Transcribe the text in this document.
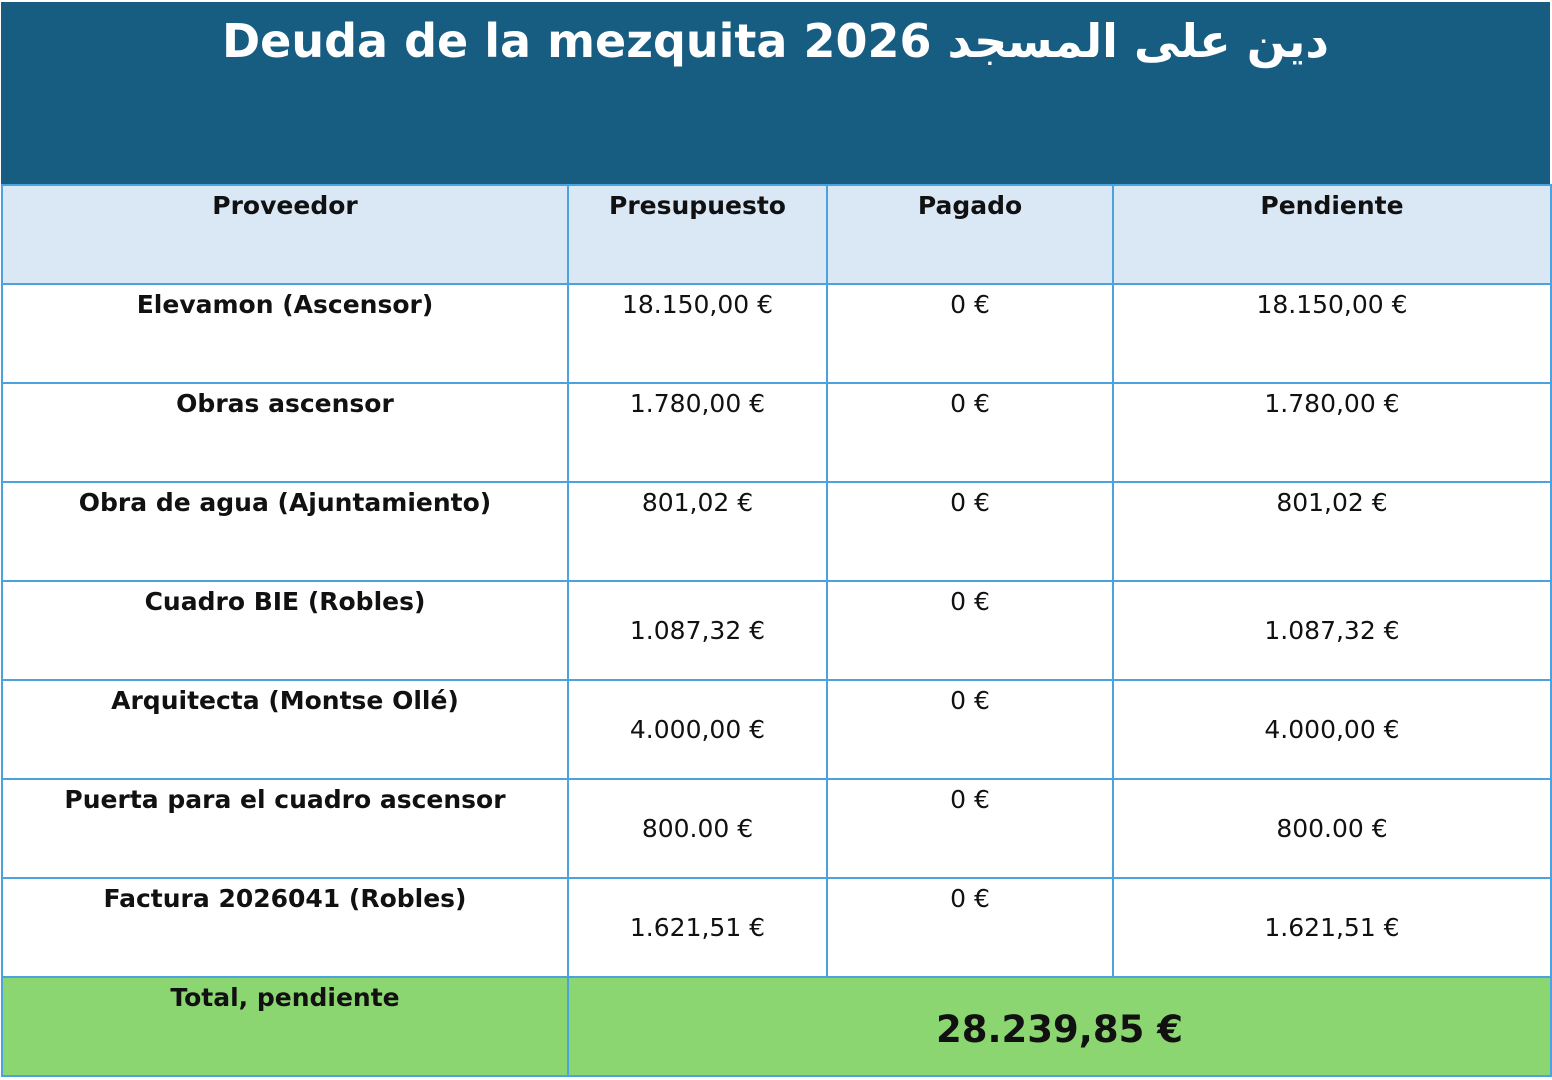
Deuda de la mezquita 2026 دين على المسجد
Proveedor	Presupuesto	Pagado	Pendiente
Elevamon (Ascensor)	18.150,00 €	0 €	18.150,00 €
Obras ascensor	1.780,00 €	0 €	1.780,00 €
Obra de agua (Ajuntamiento)	801,02 €	0 €	801,02 €
Cuadro BIE (Robles)	1.087,32 €	0 €	1.087,32 €
Arquitecta (Montse Ollé)	4.000,00 €	0 €	4.000,00 €
Puerta para el cuadro ascensor	800.00 €	0 €	800.00 €
Factura 2026041 (Robles)	1.621,51 €	0 €	1.621,51 €
Total, pendiente	28.239,85 €		
